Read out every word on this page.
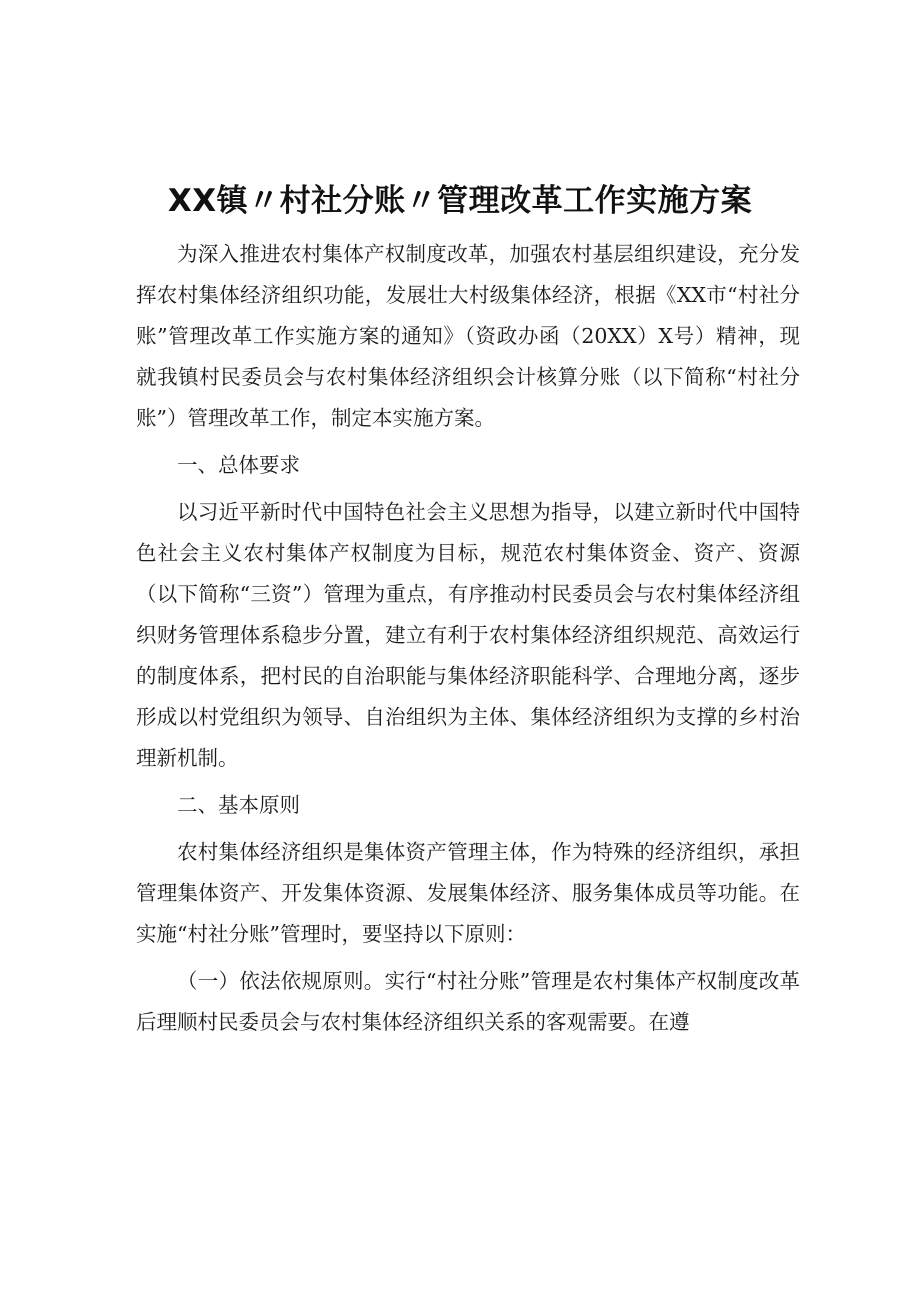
XX镇〃村社分账〃管理改革工作实施方案

为深入推进农村集体产权制度改革，加强农村基层组织建设，充分发挥农村集体经济组织功能，发展壮大村级集体经济，根据《XX市“村社分账”管理改革工作实施方案的通知》（资政办函（20XX）X号）精神，现就我镇村民委员会与农村集体经济组织会计核算分账（以下简称“村社分账”）管理改革工作，制定本实施方案。

一、总体要求

以习近平新时代中国特色社会主义思想为指导，以建立新时代中国特色社会主义农村集体产权制度为目标，规范农村集体资金、资产、资源（以下简称“三资”）管理为重点，有序推动村民委员会与农村集体经济组织财务管理体系稳步分置，建立有利于农村集体经济组织规范、高效运行的制度体系，把村民的自治职能与集体经济职能科学、合理地分离，逐步形成以村党组织为领导、自治组织为主体、集体经济组织为支撑的乡村治理新机制。

二、基本原则

农村集体经济组织是集体资产管理主体，作为特殊的经济组织，承担管理集体资产、开发集体资源、发展集体经济、服务集体成员等功能。在实施“村社分账”管理时，要坚持以下原则：

（一）依法依规原则。实行“村社分账”管理是农村集体产权制度改革后理顺村民委员会与农村集体经济组织关系的客观需要。在遵
